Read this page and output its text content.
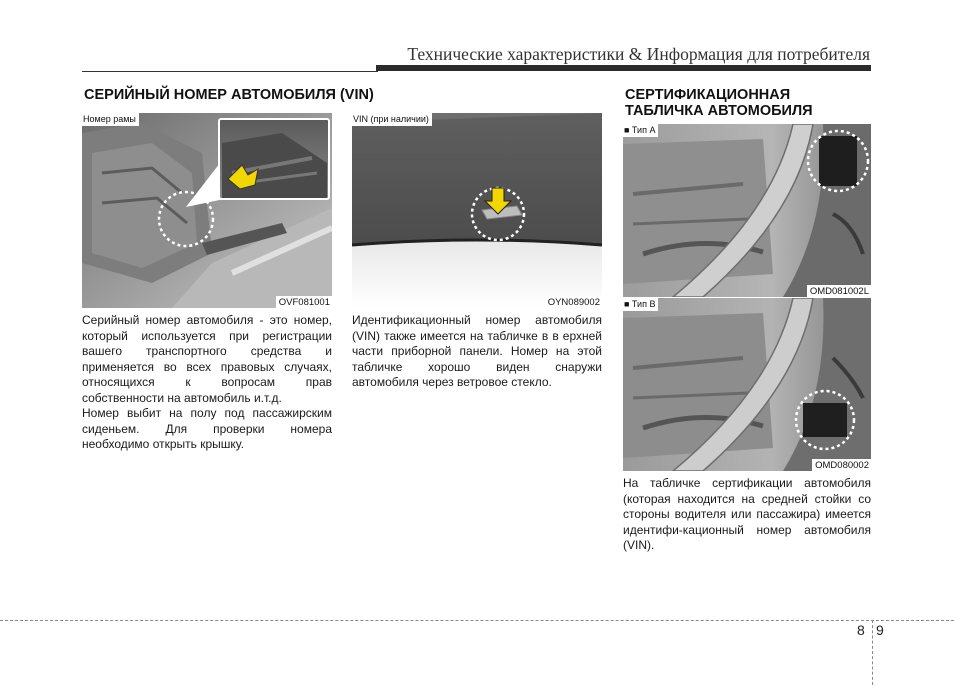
Технические характеристики & Информация для потребителя
СЕРИЙНЫЙ НОМЕР АВТОМОБИЛЯ (VIN)
Номер рамы
OVF081001
VIN (при наличии)
OYN089002

Серийный номер автомобиля - это номер, который используется при регистрации вашего транспортного средства и применяется во всех правовых случаях, относящихся к вопросам прав собственности на автомобиль и.т.д.

Номер выбит на полу под пассажирским сиденьем. Для проверки номера необходимо открыть крышку.

Идентификационный номер автомобиля (VIN) также имеется на табличке в в ерхней части приборной панели. Номер на этой табличке хорошо виден снаружи автомобиля через ветровое стекло.

СЕРТИФИКАЦИОННАЯ
ТАБЛИЧКА АВТОМОБИЛЯ
■ Тип A
OMD081002L
■ Тип B
OMD080002

На табличке сертификации автомобиля (которая находится на средней стойки со стороны водителя или пассажира) имеется идентифи-кационный номер автомобиля (VIN).

8 9
